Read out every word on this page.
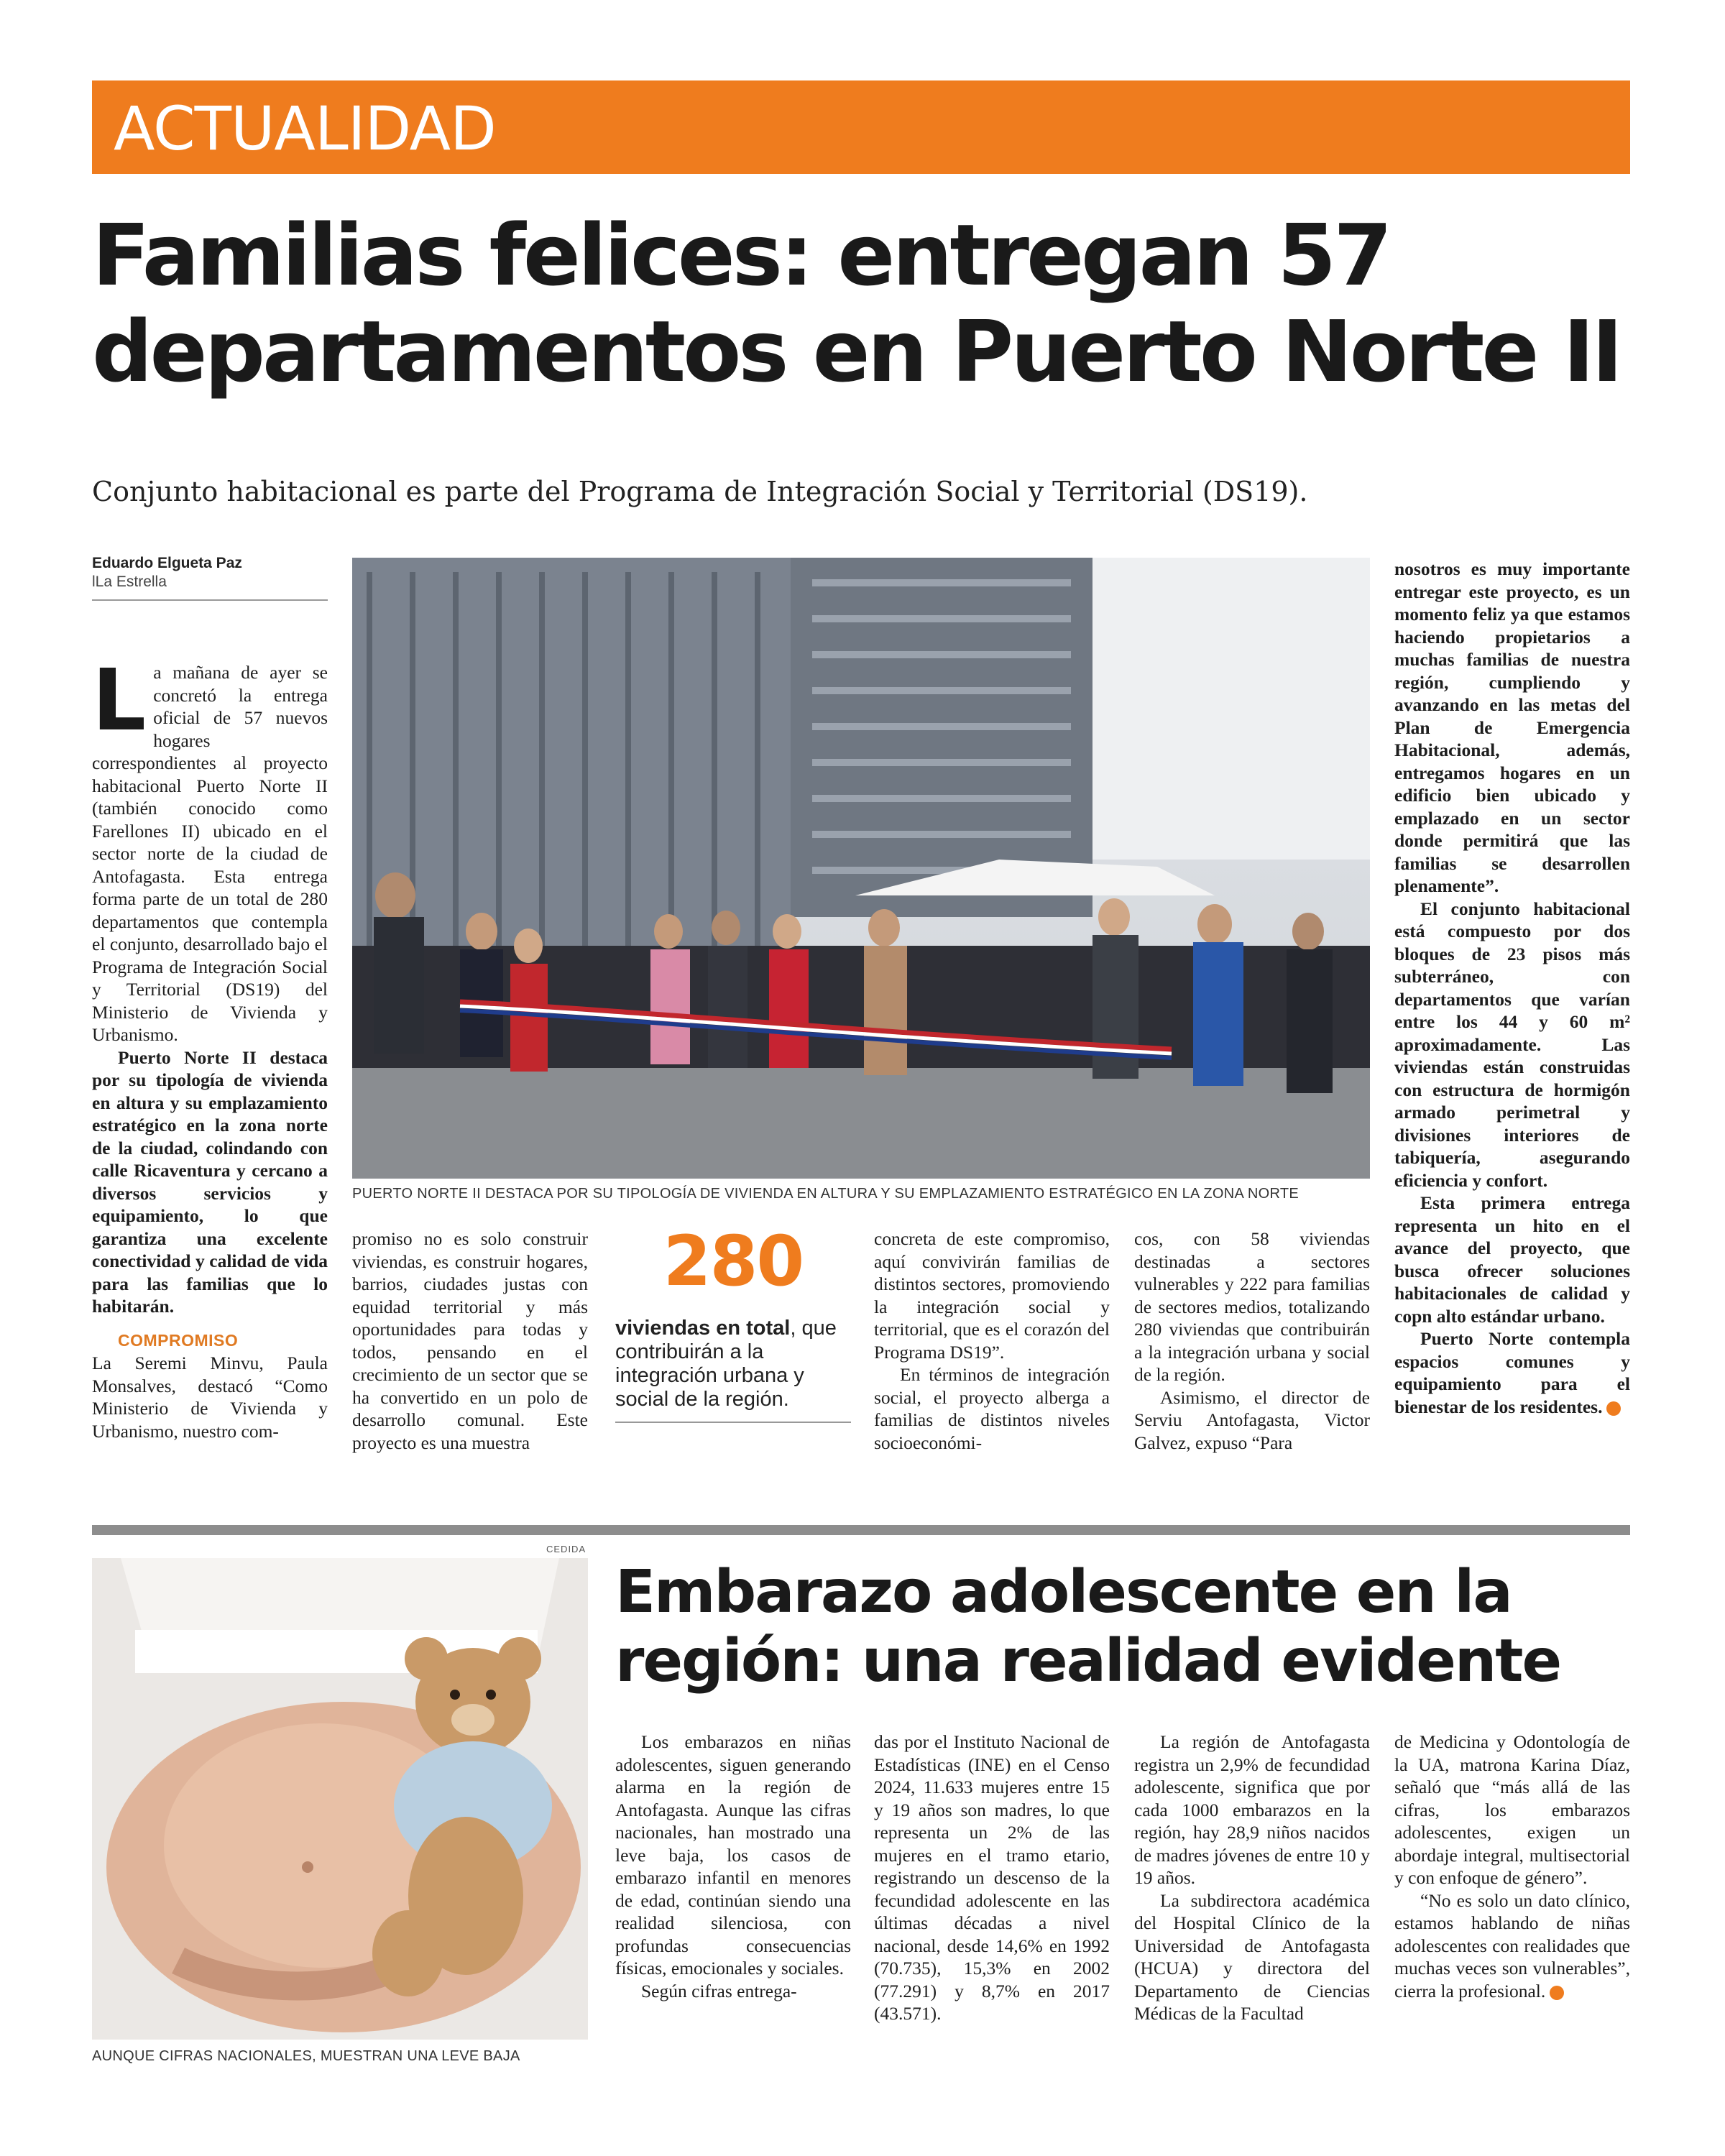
ACTUALIDAD
Familias felices: entregan 57
departamentos en Puerto Norte II
Conjunto habitacional es parte del Programa de Integración Social y Territorial (DS19).
Eduardo Elgueta Paz
lLa Estrella

La mañana de ayer se concretó la entrega oficial de 57 nuevos hogares correspondientes al proyecto habitacional Puerto Norte II (también conocido como Farellones II) ubicado en el sector norte de la ciudad de Antofagasta. Esta entrega forma parte de un total de 280 departamentos que contempla el conjunto, desarrollado bajo el Programa de Integración Social y Territorial (DS19) del Ministerio de Vivienda y Urbanismo.

Puerto Norte II destaca por su tipología de vivienda en altura y su emplazamiento estratégico en la zona norte de la ciudad, colindando con calle Ricaventura y cercano a diversos servicios y equipamiento, lo que garantiza una excelente conectividad y calidad de vida para las familias que lo habitarán.

COMPROMISO

La Seremi Minvu, Paula Monsalves, destacó “Como Ministerio de Vivienda y Urbanismo, nuestro com-

PUERTO NORTE II DESTACA POR SU TIPOLOGÍA DE VIVIENDA EN ALTURA Y SU EMPLAZAMIENTO ESTRATÉGICO EN LA ZONA NORTE

promiso no es solo construir viviendas, es construir hogares, barrios, ciudades justas con equidad territorial y más oportunidades para todas y todos, pensando en el crecimiento de un sector que se ha convertido en un polo de desarrollo comunal. Este proyecto es una muestra

280
viviendas en total, que contribuirán a la integración urbana y social de la región.

concreta de este compromiso, aquí convivirán familias de distintos sectores, promoviendo la integración social y territorial, que es el corazón del Programa DS19”.

En términos de integración social, el proyecto alberga a familias de distintos niveles socioeconómi-

cos, con 58 viviendas destinadas a sectores vulnerables y 222 para familias de sectores medios, totalizando 280 viviendas que contribuirán a la integración urbana y social de la región.

Asimismo, el director de Serviu Antofagasta, Victor Galvez, expuso “Para

nosotros es muy importante entregar este proyecto, es un momento feliz ya que estamos haciendo propietarios a muchas familias de nuestra región, cumpliendo y avanzando en las metas del Plan de Emergencia Habitacional, además, entregamos hogares en un edificio bien ubicado y emplazado en un sector donde permitirá que las familias se desarrollen plenamente”.

El conjunto habitacional está compuesto por dos bloques de 23 pisos más subterráneo, con departamentos que varían entre los 44 y 60 m² aproximadamente. Las viviendas están construidas con estructura de hormigón armado perimetral y divisiones interiores de tabiquería, asegurando eficiencia y confort.

Esta primera entrega representa un hito en el avance del proyecto, que busca ofrecer soluciones habitacionales de calidad y copn alto estándar urbano.

Puerto Norte contempla espacios comunes y equipamiento para el bienestar de los residentes.	✪

CEDIDA
AUNQUE CIFRAS NACIONALES, MUESTRAN UNA LEVE BAJA
Embarazo adolescente en la
región: una realidad evidente

Los embarazos en niñas adolescentes, siguen generando alarma en la región de Antofagasta. Aunque las cifras nacionales, han mostrado una leve baja, los casos de embarazo infantil en menores de edad, continúan siendo una realidad silenciosa, con profundas consecuencias físicas, emocionales y sociales.

Según cifras entrega-

das por el Instituto Nacional de Estadísticas (INE) en el Censo 2024, 11.633 mujeres entre 15 y 19 años son madres, lo que representa un 2% de las mujeres en el tramo etario, registrando un descenso de la fecundidad adolescente en las últimas décadas a nivel nacional, desde 14,6% en 1992 (70.735), 15,3% en 2002 (77.291) y 8,7% en 2017 (43.571).

La región de Antofagasta registra un 2,9% de fecundidad adolescente, significa que por cada 1000 embarazos en la región, hay 28,9 niños nacidos de madres jóvenes de entre 10 y 19 años.

La subdirectora académica del Hospital Clínico de la Universidad de Antofagasta (HCUA) y directora del Departamento de Ciencias Médicas de la Facultad

de Medicina y Odontología de la UA, matrona Karina Díaz, señaló que “más allá de las cifras, los embarazos adolescentes, exigen un abordaje integral, multisectorial y con enfoque de género”.

“No es solo un dato clínico, estamos hablando de niñas adolescentes con realidades que muchas veces son vulnerables”, cierra la profesional.	✪
